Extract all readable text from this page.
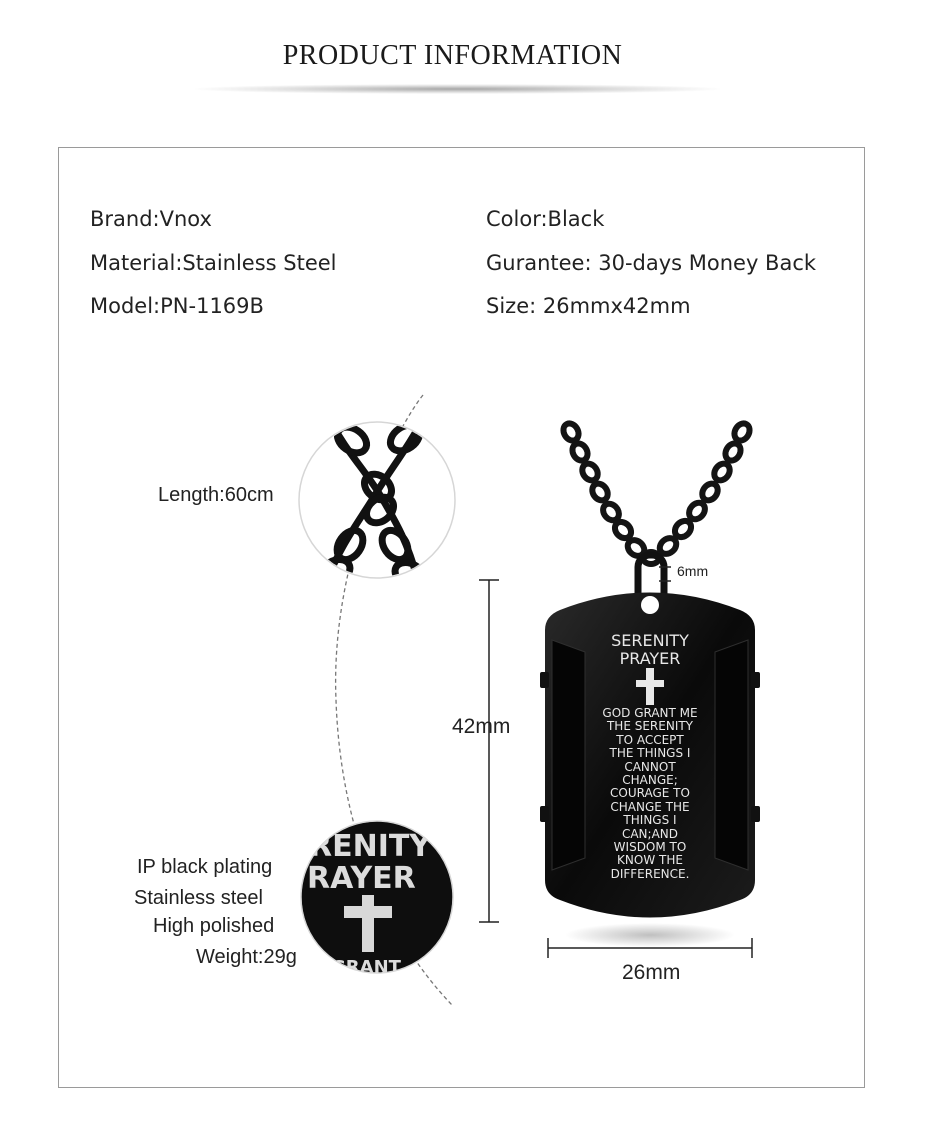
PRODUCT INFORMATION
Brand:Vnox
Material:Stainless Steel
Model:PN-1169B
Color:Black
Gurantee: 30-days Money Back
Size: 26mmx42mm
SERENITY
PRAYER
GOD GRANT ME
THE SERENITY
TO ACCEPT
THE THINGS I
CANNOT
CHANGE;
COURAGE TO
CHANGE THE
THINGS I
CAN;AND
WISDOM TO
KNOW THE
DIFFERENCE.
RENITY
RAYER
GRANT
Length:60cm
IP black plating
Stainless steel
High polished
Weight:29g
42mm
26mm
6mm
